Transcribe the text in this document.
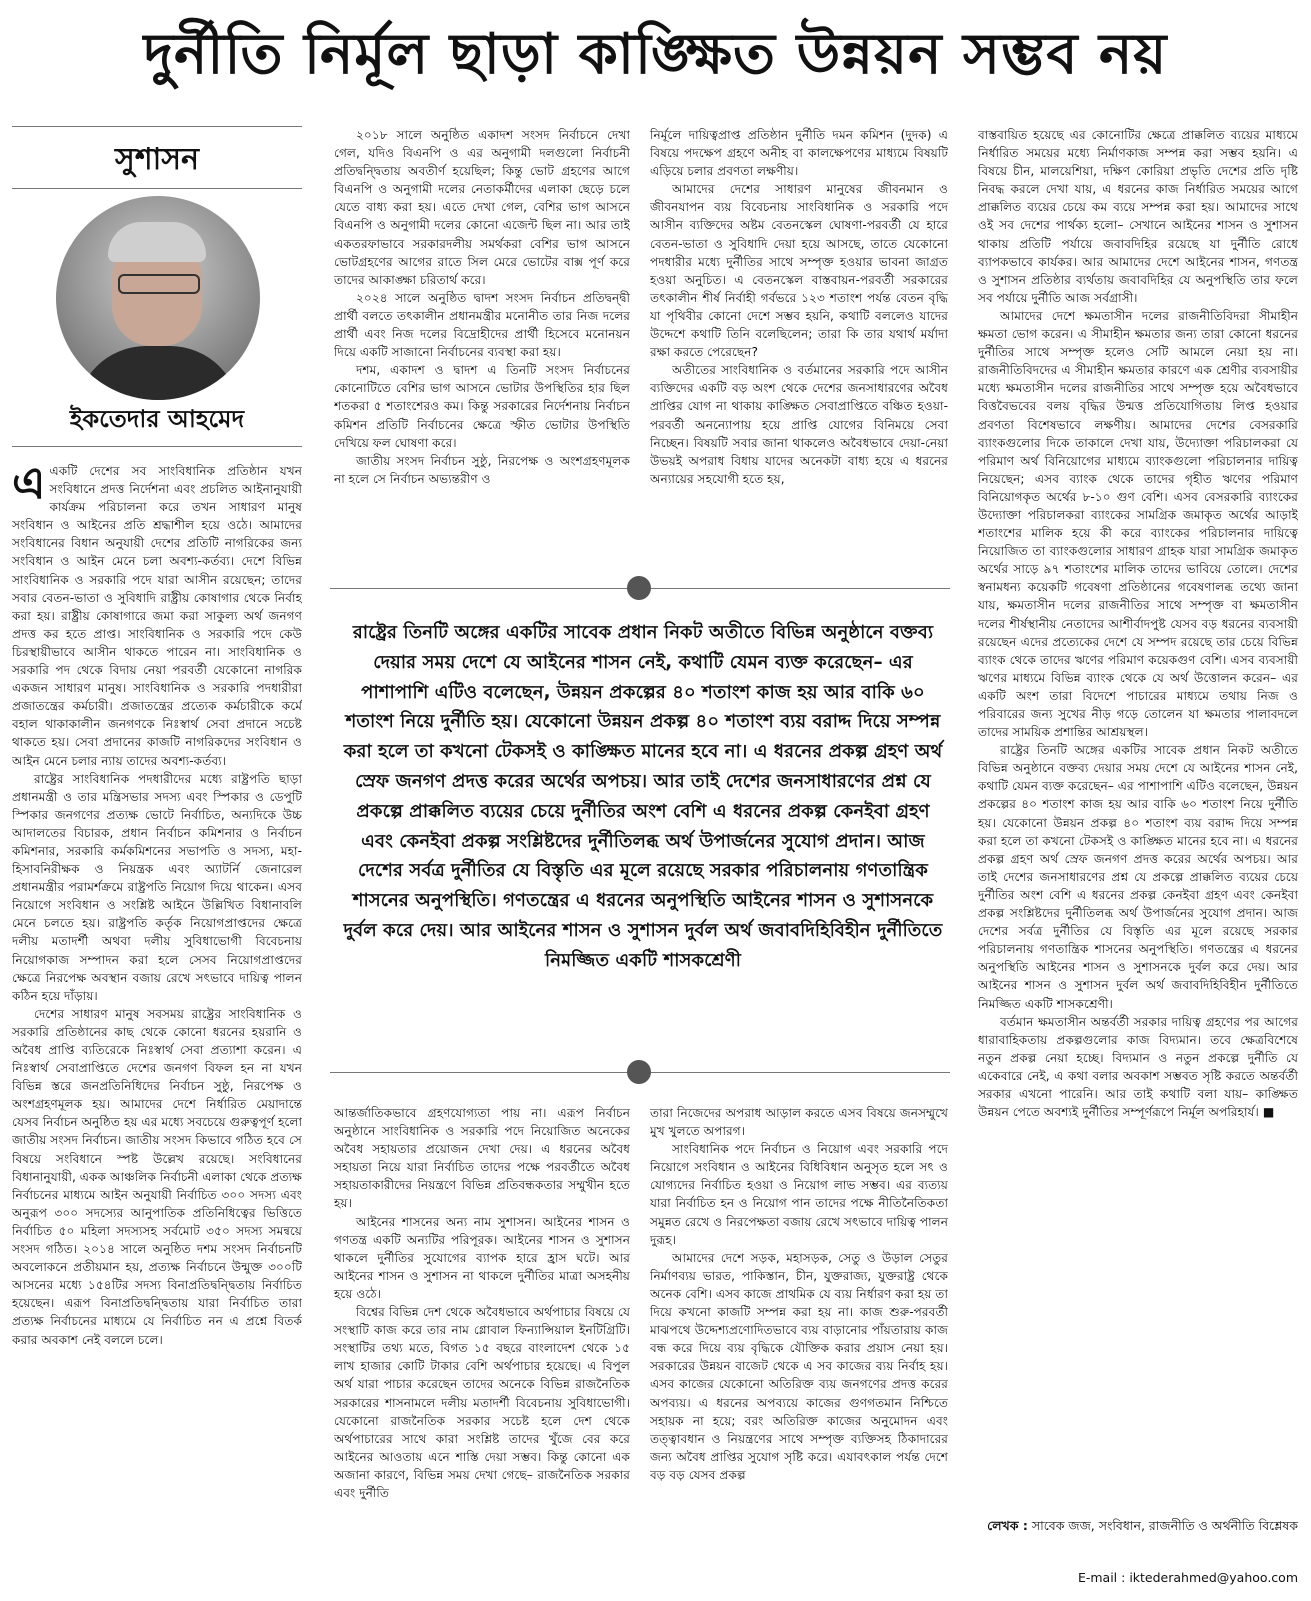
দুর্নীতি নির্মূল ছাড়া কাঙ্ক্ষিত উন্নয়ন সম্ভব নয়
সুশাসন
ইকতেদার আহমেদ

এএকটি দেশের সব সাংবিধানিক প্রতিষ্ঠান যখন সংবিধানে প্রদত্ত নির্দেশনা এবং প্রচলিত আইনানুযায়ী কার্যক্রম পরিচালনা করে তখন সাধারণ মানুষ সংবিধান ও আইনের প্রতি শ্রদ্ধাশীল হয়ে ওঠে। আমাদের সংবিধানের বিধান অনুযায়ী দেশের প্রতিটি নাগরিকের জন্য সংবিধান ও আইন মেনে চলা অবশ্য-কর্তব্য। দেশে বিভিন্ন সাংবিধানিক ও সরকারি পদে যারা আসীন রয়েছেন; তাদের সবার বেতন-ভাতা ও সুবিধাদি রাষ্ট্রীয় কোষাগার থেকে নির্বাহ করা হয়। রাষ্ট্রীয় কোষাগারে জমা করা সাকুল্য অর্থ জনগণ প্রদত্ত কর হতে প্রাপ্ত। সাংবিধানিক ও সরকারি পদে কেউ চিরস্থায়ীভাবে আসীন থাকতে পারেন না। সাংবিধানিক ও সরকারি পদ থেকে বিদায় নেয়া পরবর্তী যেকোনো নাগরিক একজন সাধারণ মানুষ। সাংবিধানিক ও সরকারি পদধারীরা প্রজাতন্ত্রের কর্মচারী। প্রজাতন্ত্রের প্রত্যেক কর্মচারীকে কর্মে বহাল থাকাকালীন জনগণকে নিঃস্বার্থ সেবা প্রদানে সচেষ্ট থাকতে হয়। সেবা প্রদানের কাজটি নাগরিকদের সংবিধান ও আইন মেনে চলার ন্যায় তাদের অবশ্য-কর্তব্য।

রাষ্ট্রের সাংবিধানিক পদধারীদের মধ্যে রাষ্ট্রপতি ছাড়া প্রধানমন্ত্রী ও তার মন্ত্রিসভার সদস্য এবং স্পিকার ও ডেপুটি স্পিকার জনগণের প্রত্যক্ষ ভোটে নির্বাচিত, অন্যদিকে উচ্চ আদালতের বিচারক, প্রধান নির্বাচন কমিশনার ও নির্বাচন কমিশনার, সরকারি কর্মকমিশনের সভাপতি ও সদস্য, মহা-হিসাবনিরীক্ষক ও নিয়ন্ত্রক এবং অ্যাটর্নি জেনারেল প্রধানমন্ত্রীর পরামর্শক্রমে রাষ্ট্রপতি নিয়োগ দিয়ে থাকেন। এসব নিয়োগে সংবিধান ও সংশ্লিষ্ট আইনে উল্লিখিত বিধানাবলি মেনে চলতে হয়। রাষ্ট্রপতি কর্তৃক নিয়োগপ্রাপ্তদের ক্ষেত্রে দলীয় মতাদর্শী অথবা দলীয় সুবিধাভোগী বিবেচনায় নিয়োগকাজ সম্পাদন করা হলে সেসব নিয়োগপ্রাপ্তদের ক্ষেত্রে নিরপেক্ষ অবস্থান বজায় রেখে সৎভাবে দায়িত্ব পালন কঠিন হয়ে দাঁড়ায়।

দেশের সাধারণ মানুষ সবসময় রাষ্ট্রের সাংবিধানিক ও সরকারি প্রতিষ্ঠানের কাছ থেকে কোনো ধরনের হয়রানি ও অবৈধ প্রাপ্তি ব্যতিরেকে নিঃস্বার্থ সেবা প্রত্যাশা করেন। এ নিঃস্বার্থ সেবাপ্রাপ্তিতে দেশের জনগণ বিফল হন না যখন বিভিন্ন স্তরে জনপ্রতিনিধিদের নির্বাচন সুষ্ঠু, নিরপেক্ষ ও অংশগ্রহণমূলক হয়। আমাদের দেশে নির্ধারিত মেয়াদান্তে যেসব নির্বাচন অনুষ্ঠিত হয় এর মধ্যে সবচেয়ে গুরুত্বপূর্ণ হলো জাতীয় সংসদ নির্বাচন। জাতীয় সংসদ কিভাবে গঠিত হবে সে বিষয়ে সংবিধানে স্পষ্ট উল্লেখ রয়েছে। সংবিধানের বিধানানুযায়ী, একক আঞ্চলিক নির্বাচনী এলাকা থেকে প্রত্যক্ষ নির্বাচনের মাধ্যমে আইন অনুযায়ী নির্বাচিত ৩০০ সদস্য এবং অনুরূপ ৩০০ সদস্যের আনুপাতিক প্রতিনিধিত্বের ভিত্তিতে নির্বাচিত ৫০ মহিলা সদস্যসহ সর্বমোট ৩৫০ সদস্য সমন্বয়ে সংসদ গঠিত। ২০১৪ সালে অনুষ্ঠিত দশম সংসদ নির্বাচনটি অবলোকনে প্রতীয়মান হয়, প্রত্যক্ষ নির্বাচনে উন্মুক্ত ৩০০টি আসনের মধ্যে ১৫৪টির সদস্য বিনাপ্রতিদ্বন্দ্বিতায় নির্বাচিত হয়েছেন। এরূপ বিনাপ্রতিদ্বন্দ্বিতায় যারা নির্বাচিত তারা প্রত্যক্ষ নির্বাচনের মাধ্যমে যে নির্বাচিত নন এ প্রশ্নে বিতর্ক করার অবকাশ নেই বললে চলে।

২০১৮ সালে অনুষ্ঠিত একাদশ সংসদ নির্বাচনে দেখা গেল, যদিও বিএনপি ও এর অনুগামী দলগুলো নির্বাচনী প্রতিদ্বন্দ্বিতায় অবতীর্ণ হয়েছিল; কিন্তু ভোট গ্রহণের আগে বিএনপি ও অনুগামী দলের নেতাকর্মীদের এলাকা ছেড়ে চলে যেতে বাধ্য করা হয়। এতে দেখা গেল, বেশির ভাগ আসনে বিএনপি ও অনুগামী দলের কোনো এজেন্ট ছিল না। আর তাই একতরফাভাবে সরকারদলীয় সমর্থকরা বেশির ভাগ আসনে ভোটগ্রহণের আগের রাতে সিল মেরে ভোটের বাক্স পূর্ণ করে তাদের আকাঙ্ক্ষা চরিতার্থ করে।

২০২৪ সালে অনুষ্ঠিত দ্বাদশ সংসদ নির্বাচন প্রতিদ্বন্দ্বী প্রার্থী বলতে তৎকালীন প্রধানমন্ত্রীর মনোনীত তার নিজ দলের প্রার্থী এবং নিজ দলের বিদ্রোহীদের প্রার্থী হিসেবে মনোনয়ন দিয়ে একটি সাজানো নির্বাচনের ব্যবস্থা করা হয়।

দশম, একাদশ ও দ্বাদশ এ তিনটি সংসদ নির্বাচনের কোনোটিতে বেশির ভাগ আসনে ভোটার উপস্থিতির হার ছিল শতকরা ৫ শতাংশেরও কম। কিন্তু সরকারের নির্দেশনায় নির্বাচন কমিশন প্রতিটি নির্বাচনের ক্ষেত্রে স্ফীত ভোটার উপস্থিতি দেখিয়ে ফল ঘোষণা করে।

জাতীয় সংসদ নির্বাচন সুষ্ঠু, নিরপেক্ষ ও অংশগ্রহণমূলক না হলে সে নির্বাচন অভ্যন্তরীণ ও

নির্মূলে দায়িত্বপ্রাপ্ত প্রতিষ্ঠান দুর্নীতি দমন কমিশন (দুদক) এ বিষয়ে পদক্ষেপ গ্রহণে অনীহ বা কালক্ষেপণের মাধ্যমে বিষয়টি এড়িয়ে চলার প্রবণতা লক্ষণীয়।

আমাদের দেশের সাধারণ মানুষের জীবনমান ও জীবনযাপন ব্যয় বিবেচনায় সাংবিধানিক ও সরকারি পদে আসীন ব্যক্তিদের অষ্টম বেতনস্কেল ঘোষণা-পরবর্তী যে হারে বেতন-ভাতা ও সুবিধাদি দেয়া হয়ে আসছে, তাতে যেকোনো পদধারীর মধ্যে দুর্নীতির সাথে সম্পৃক্ত হওয়ার ভাবনা জাগ্রত হওয়া অনুচিত। এ বেতনস্কেল বাস্তবায়ন-পরবর্তী সরকারের তৎকালীন শীর্ষ নির্বাহী গর্বভরে ১২৩ শতাংশ পর্যন্ত বেতন বৃদ্ধি যা পৃথিবীর কোনো দেশে সম্ভব হয়নি, কথাটি বললেও যাদের উদ্দেশে কথাটি তিনি বলেছিলেন; তারা কি তার যথার্থ মর্যাদা রক্ষা করতে পেরেছেন?

অতীতের সাংবিধানিক ও বর্তমানের সরকারি পদে আসীন ব্যক্তিদের একটি বড় অংশ থেকে দেশের জনসাধারণের অবৈধ প্রাপ্তির যোগ না থাকায় কাঙ্ক্ষিত সেবাপ্রাপ্তিতে বঞ্চিত হওয়া-পরবর্তী অনন্যোপায় হয়ে প্রাপ্তি যোগের বিনিময়ে সেবা নিচ্ছেন। বিষয়টি সবার জানা থাকলেও অবৈধভাবে দেয়া-নেয়া উভয়ই অপরাধ বিধায় যাদের অনেকটা বাধ্য হয়ে এ ধরনের অন্যায়ের সহযোগী হতে হয়,

রাষ্ট্রের তিনটি অঙ্গের একটির সাবেক প্রধান নিকট অতীতে বিভিন্ন অনুষ্ঠানে বক্তব্য দেয়ার সময় দেশে যে আইনের শাসন নেই, কথাটি যেমন ব্যক্ত করেছেন– এর পাশাপাশি এটিও বলেছেন, উন্নয়ন প্রকল্পের ৪০ শতাংশ কাজ হয় আর বাকি ৬০ শতাংশ নিয়ে দুর্নীতি হয়। যেকোনো উন্নয়ন প্রকল্প ৪০ শতাংশ ব্যয় বরাদ্দ দিয়ে সম্পন্ন করা হলে তা কখনো টেকসই ও কাঙ্ক্ষিত মানের হবে না। এ ধরনের প্রকল্প গ্রহণ অর্থ স্রেফ জনগণ প্রদত্ত করের অর্থের অপচয়। আর তাই দেশের জনসাধারণের প্রশ্ন যে প্রকল্পে প্রাক্কলিত ব্যয়ের চেয়ে দুর্নীতির অংশ বেশি এ ধরনের প্রকল্প কেনইবা গ্রহণ এবং কেনইবা প্রকল্প সংশ্লিষ্টদের দুর্নীতিলব্ধ অর্থ উপার্জনের সুযোগ প্রদান। আজ দেশের সর্বত্র দুর্নীতির যে বিস্তৃতি এর মূলে রয়েছে সরকার পরিচালনায় গণতান্ত্রিক শাসনের অনুপস্থিতি। গণতন্ত্রের এ ধরনের অনুপস্থিতি আইনের শাসন ও সুশাসনকে দুর্বল করে দেয়। আর আইনের শাসন ও সুশাসন দুর্বল অর্থ জবাবদিহিবিহীন দুর্নীতিতে নিমজ্জিত একটি শাসকশ্রেণী

আন্তর্জাতিকভাবে গ্রহণযোগ্যতা পায় না। এরূপ নির্বাচন অনুষ্ঠানে সাংবিধানিক ও সরকারি পদে নিয়োজিত অনেকের অবৈধ সহায়তার প্রয়োজন দেখা দেয়। এ ধরনের অবৈধ সহায়তা নিয়ে যারা নির্বাচিত তাদের পক্ষে পরবর্তীতে অবৈধ সহায়তাকারীদের নিয়ন্ত্রণে বিভিন্ন প্রতিবন্ধকতার সম্মুখীন হতে হয়।

আইনের শাসনের অন্য নাম সুশাসন। আইনের শাসন ও গণতন্ত্র একটি অন্যটির পরিপূরক। আইনের শাসন ও সুশাসন থাকলে দুর্নীতির সুযোগের ব্যাপক হারে হ্রাস ঘটে। আর আইনের শাসন ও সুশাসন না থাকলে দুর্নীতির মাত্রা অসহনীয় হয়ে ওঠে।

বিশ্বের বিভিন্ন দেশ থেকে অবৈধভাবে অর্থপাচার বিষয়ে যে সংস্থাটি কাজ করে তার নাম গ্লোবাল ফিন্যান্সিয়াল ইনটিগ্রিটি। সংস্থাটির তথ্য মতে, বিগত ১৫ বছরে বাংলাদেশ থেকে ১৫ লাখ হাজার কোটি টাকার বেশি অর্থপাচার হয়েছে। এ বিপুল অর্থ যারা পাচার করেছেন তাদের অনেকে বিভিন্ন রাজনৈতিক সরকারের শাসনামলে দলীয় মতাদর্শী বিবেচনায় সুবিধাভোগী। যেকোনো রাজনৈতিক সরকার সচেষ্ট হলে দেশ থেকে অর্থপাচারের সাথে কারা সংশ্লিষ্ট তাদের খুঁজে বের করে আইনের আওতায় এনে শাস্তি দেয়া সম্ভব। কিন্তু কোনো এক অজানা কারণে, বিভিন্ন সময় দেখা গেছে– রাজনৈতিক সরকার এবং দুর্নীতি

তারা নিজেদের অপরাধ আড়াল করতে এসব বিষয়ে জনসম্মুখে মুখ খুলতে অপারগ।

সাংবিধানিক পদে নির্বাচন ও নিয়োগ এবং সরকারি পদে নিয়োগে সংবিধান ও আইনের বিধিবিধান অনুসৃত হলে সৎ ও যোগ্যদের নির্বাচিত হওয়া ও নিয়োগ লাভ সম্ভব। এর ব্যত্যয় যারা নির্বাচিত হন ও নিয়োগ পান তাদের পক্ষে নীতিনৈতিকতা সমুন্নত রেখে ও নিরপেক্ষতা বজায় রেখে সৎভাবে দায়িত্ব পালন দুরূহ।

আমাদের দেশে সড়ক, মহাসড়ক, সেতু ও উড়াল সেতুর নির্মাণব্যয় ভারত, পাকিস্তান, চীন, যুক্তরাজ্য, যুক্তরাষ্ট্র থেকে অনেক বেশি। এসব কাজে প্রাথমিক যে ব্যয় নির্ধারণ করা হয় তা দিয়ে কখনো কাজটি সম্পন্ন করা হয় না। কাজ শুরু-পরবর্তী মাঝপথে উদ্দেশ্যপ্রণোদিতভাবে ব্যয় বাড়ানোর পাঁয়তারায় কাজ বন্ধ করে দিয়ে ব্যয় বৃদ্ধিকে যৌক্তিক করার প্রয়াস নেয়া হয়। সরকারের উন্নয়ন বাজেট থেকে এ সব কাজের ব্যয় নির্বাহ হয়। এসব কাজের যেকোনো অতিরিক্ত ব্যয় জনগণের প্রদত্ত করের অপব্যয়। এ ধরনের অপব্যয়ে কাজের গুণগতমান নিশ্চিতে সহায়ক না হয়ে; বরং অতিরিক্ত কাজের অনুমোদন এবং তত্ত্বাবধান ও নিয়ন্ত্রণের সাথে সম্পৃক্ত ব্যক্তিসহ ঠিকাদারের জন্য অবৈধ প্রাপ্তির সুযোগ সৃষ্টি করে। এযাবৎকাল পর্যন্ত দেশে বড় বড় যেসব প্রকল্প

বাস্তবায়িত হয়েছে এর কোনোটির ক্ষেত্রে প্রাক্কলিত ব্যয়ের মাধ্যমে নির্ধারিত সময়ের মধ্যে নির্মাণকাজ সম্পন্ন করা সম্ভব হয়নি। এ বিষয়ে চীন, মালয়েশিয়া, দক্ষিণ কোরিয়া প্রভৃতি দেশের প্রতি দৃষ্টি নিবদ্ধ করলে দেখা যায়, এ ধরনের কাজ নির্ধারিত সময়ের আগে প্রাক্কলিত ব্যয়ের চেয়ে কম ব্যয়ে সম্পন্ন করা হয়। আমাদের সাথে ওই সব দেশের পার্থক্য হলো– সেখানে আইনের শাসন ও সুশাসন থাকায় প্রতিটি পর্যায়ে জবাবদিহির রয়েছে যা দুর্নীতি রোধে ব্যাপকভাবে কার্যকর। আর আমাদের দেশে আইনের শাসন, গণতন্ত্র ও সুশাসন প্রতিষ্ঠার ব্যর্থতায় জবাবদিহির যে অনুপস্থিতি তার ফলে সব পর্যায়ে দুর্নীতি আজ সর্বগ্রাসী।

আমাদের দেশে ক্ষমতাসীন দলের রাজনীতিবিদরা সীমাহীন ক্ষমতা ভোগ করেন। এ সীমাহীন ক্ষমতার জন্য তারা কোনো ধরনের দুর্নীতির সাথে সম্পৃক্ত হলেও সেটি আমলে নেয়া হয় না। রাজনীতিবিদদের এ সীমাহীন ক্ষমতার কারণে এক শ্রেণীর ব্যবসায়ীর মধ্যে ক্ষমতাসীন দলের রাজনীতির সাথে সম্পৃক্ত হয়ে অবৈধভাবে বিত্তবৈভবের বলয় বৃদ্ধির উন্মত্ত প্রতিযোগিতায় লিপ্ত হওয়ার প্রবণতা বিশেষভাবে লক্ষণীয়। আমাদের দেশের বেসরকারি ব্যাংকগুলোর দিকে তাকালে দেখা যায়, উদ্যোক্তা পরিচালকরা যে পরিমাণ অর্থ বিনিয়োগের মাধ্যমে ব্যাংকগুলো পরিচালনার দায়িত্ব নিয়েছেন; এসব ব্যাংক থেকে তাদের গৃহীত ঋণের পরিমাণ বিনিয়োগকৃত অর্থের ৮-১০ গুণ বেশি। এসব বেসরকারি ব্যাংকের উদ্যোক্তা পরিচালকরা ব্যাংকের সামগ্রিক জমাকৃত অর্থের আড়াই শতাংশের মালিক হয়ে কী করে ব্যাংকের পরিচালনার দায়িত্বে নিয়োজিত তা ব্যাংকগুলোর সাধারণ গ্রাহক যারা সামগ্রিক জমাকৃত অর্থের সাড়ে ৯৭ শতাংশের মালিক তাদের ভাবিয়ে তোলে। দেশের স্বনামধন্য কয়েকটি গবেষণা প্রতিষ্ঠানের গবেষণালব্ধ তথ্যে জানা যায়, ক্ষমতাসীন দলের রাজনীতির সাথে সম্পৃক্ত বা ক্ষমতাসীন দলের শীর্ষস্থানীয় নেতাদের আশীর্বাদপুষ্ট যেসব বড় ধরনের ব্যবসায়ী রয়েছেন এদের প্রত্যেকের দেশে যে সম্পদ রয়েছে তার চেয়ে বিভিন্ন ব্যাংক থেকে তাদের ঋণের পরিমাণ কয়েকগুণ বেশি। এসব ব্যবসায়ী ঋণের মাধ্যমে বিভিন্ন ব্যাংক থেকে যে অর্থ উত্তোলন করেন– এর একটি অংশ তারা বিদেশে পাচারের মাধ্যমে তথায় নিজ ও পরিবারের জন্য সুখের নীড় গড়ে তোলেন যা ক্ষমতার পালাবদলে তাদের সাময়িক প্রশান্তির আশ্রয়স্থল।

রাষ্ট্রের তিনটি অঙ্গের একটির সাবেক প্রধান নিকট অতীতে বিভিন্ন অনুষ্ঠানে বক্তব্য দেয়ার সময় দেশে যে আইনের শাসন নেই, কথাটি যেমন ব্যক্ত করেছেন– এর পাশাপাশি এটিও বলেছেন, উন্নয়ন প্রকল্পের ৪০ শতাংশ কাজ হয় আর বাকি ৬০ শতাংশ নিয়ে দুর্নীতি হয়। যেকোনো উন্নয়ন প্রকল্প ৪০ শতাংশ ব্যয় বরাদ্দ দিয়ে সম্পন্ন করা হলে তা কখনো টেকসই ও কাঙ্ক্ষিত মানের হবে না। এ ধরনের প্রকল্প গ্রহণ অর্থ স্রেফ জনগণ প্রদত্ত করের অর্থের অপচয়। আর তাই দেশের জনসাধারণের প্রশ্ন যে প্রকল্পে প্রাক্কলিত ব্যয়ের চেয়ে দুর্নীতির অংশ বেশি এ ধরনের প্রকল্প কেনইবা গ্রহণ এবং কেনইবা প্রকল্প সংশ্লিষ্টদের দুর্নীতিলব্ধ অর্থ উপার্জনের সুযোগ প্রদান। আজ দেশের সর্বত্র দুর্নীতির যে বিস্তৃতি এর মূলে রয়েছে সরকার পরিচালনায় গণতান্ত্রিক শাসনের অনুপস্থিতি। গণতন্ত্রের এ ধরনের অনুপস্থিতি আইনের শাসন ও সুশাসনকে দুর্বল করে দেয়। আর আইনের শাসন ও সুশাসন দুর্বল অর্থ জবাবদিহিবিহীন দুর্নীতিতে নিমজ্জিত একটি শাসকশ্রেণী।

বর্তমান ক্ষমতাসীন অন্তর্বর্তী সরকার দায়িত্ব গ্রহণের পর আগের ধারাবাহিকতায় প্রকল্পগুলোর কাজ বিদ্যমান। তবে ক্ষেত্রবিশেষে নতুন প্রকল্প নেয়া হচ্ছে। বিদ্যমান ও নতুন প্রকল্পে দুর্নীতি যে একেবারে নেই, এ কথা বলার অবকাশ সম্ভবত সৃষ্টি করতে অন্তর্বর্তী সরকার এখনো পারেনি। আর তাই কথাটি বলা যায়– কাঙ্ক্ষিত উন্নয়ন পেতে অবশ্যই দুর্নীতির সম্পূর্ণরূপে নির্মূল অপরিহার্য। ■

লেখক : সাবেক জজ, সংবিধান, রাজনীতি ও অর্থনীতি বিশ্লেষক
E-mail : iktederahmed@yahoo.com
